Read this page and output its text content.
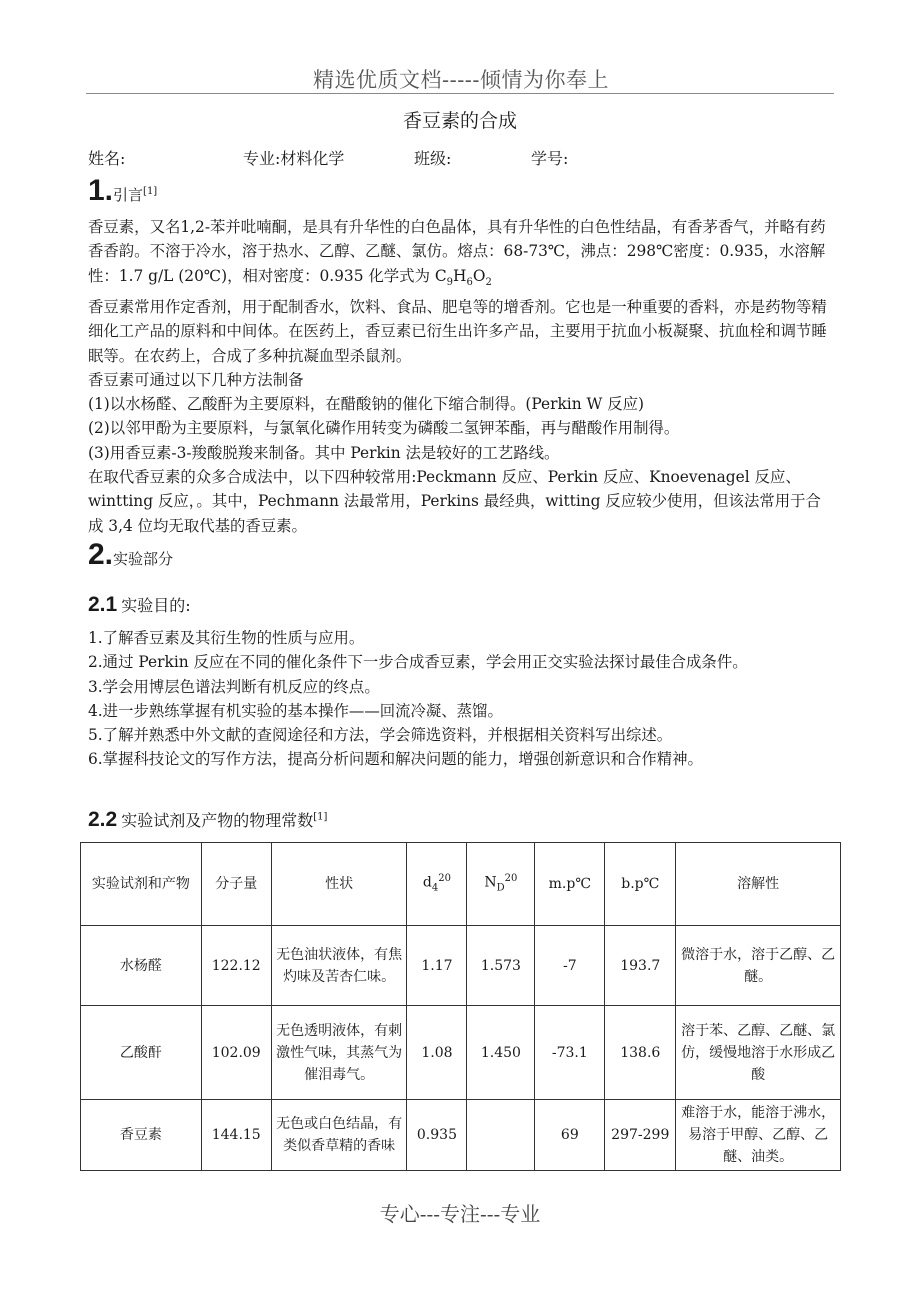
精选优质文档-----倾情为你奉上
香豆素的合成
姓名:	专业:材料化学	班级:	学号:
1.引言[1]

香豆素，又名1,2-苯并吡喃酮，是具有升华性的白色晶体，具有升华性的白色性结晶，有香茅香气，并略有药香香韵。不溶于冷水，溶于热水、乙醇、乙醚、氯仿。熔点：68-73℃，沸点：298℃密度：0.935，水溶解性：1.7 g/L (20℃)，相对密度：0.935 化学式为 $C_9H_6O_2$

香豆素常用作定香剂，用于配制香水，饮料、食品、肥皂等的增香剂。它也是一种重要的香料，亦是药物等精细化工产品的原料和中间体。在医药上，香豆素已衍生出许多产品，主要用于抗血小板凝聚、抗血栓和调节睡眠等。在农药上，合成了多种抗凝血型杀鼠剂。

香豆素可通过以下几种方法制备

(1)以水杨醛、乙酸酐为主要原料，在醋酸钠的催化下缩合制得。(Perkin W 反应)

(2)以邻甲酚为主要原料，与氯氧化磷作用转变为磷酸二氢钾苯酯，再与醋酸作用制得。

(3)用香豆素-3-羧酸脱羧来制备。其中 Perkin 法是较好的工艺路线。

在取代香豆素的众多合成法中，以下四种较常用:Peckmann 反应、Perkin 反应、Knoevenagel 反应、wintting 反应，。其中，Pechmann 法最常用，Perkins 最经典，witting 反应较少使用，但该法常用于合成 3,4 位均无取代基的香豆素。

2.实验部分
2.1 实验目的:

1.了解香豆素及其衍生物的性质与应用。

2.通过 Perkin 反应在不同的催化条件下一步合成香豆素，学会用正交实验法探讨最佳合成条件。

3.学会用博层色谱法判断有机反应的终点。

4.进一步熟练掌握有机实验的基本操作——回流冷凝、蒸馏。

5.了解并熟悉中外文献的查阅途径和方法，学会筛选资料，并根据相关资料写出综述。

6.掌握科技论文的写作方法，提高分析问题和解决问题的能力，增强创新意识和合作精神。

2.2 实验试剂及产物的物理常数[1]
实验试剂和产物	分子量	性状	$d_4^{20}$	$N_D^{20}$	m.p℃	b.p℃	溶解性
水杨醛	122.12	无色油状液体，有焦灼味及苦杏仁味。	1.17	1.573	-7	193.7	微溶于水，溶于乙醇、乙醚。
乙酸酐	102.09	无色透明液体，有刺激性气味，其蒸气为催泪毒气。	1.08	1.450	-73.1	138.6	溶于苯、乙醇、乙醚、氯仿，缓慢地溶于水形成乙酸
香豆素	144.15	无色或白色结晶，有类似香草精的香味	0.935		69	297-299	难溶于水，能溶于沸水，易溶于甲醇、乙醇、乙醚、油类。
专心---专注---专业
